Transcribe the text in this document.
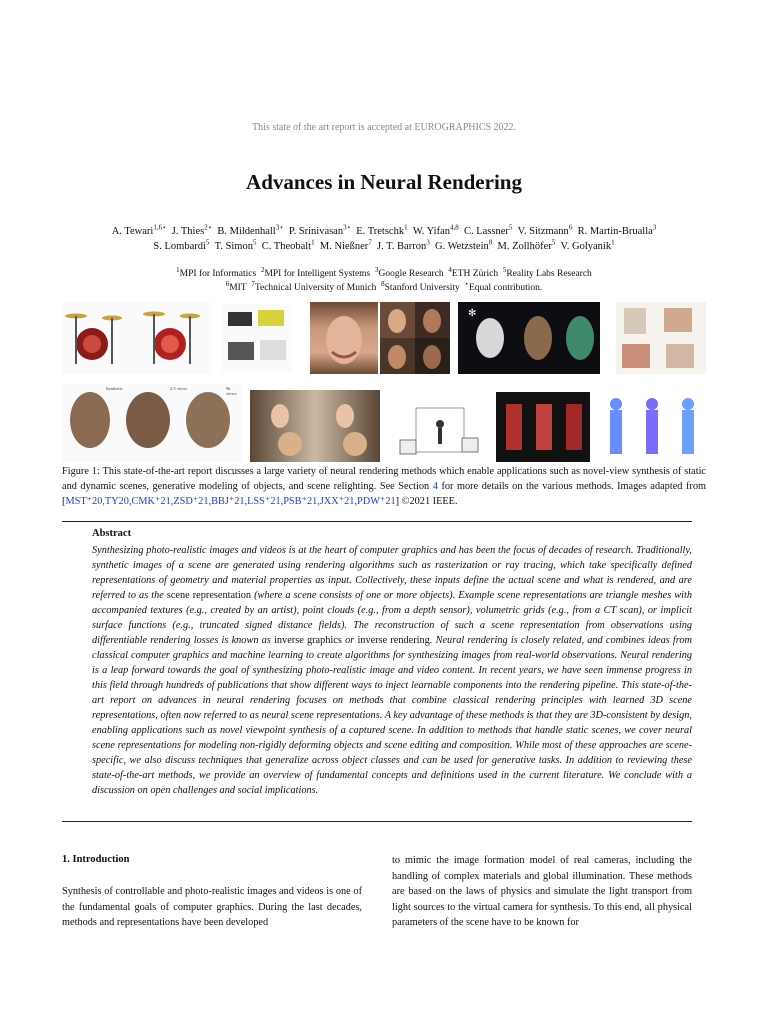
This state of the art report is accepted at EUROGRAPHICS 2022.
Advances in Neural Rendering
A. Tewari$^{1,6⋆}$  J. Thies$^{2⋆}$  B. Mildenhall$^{3⋆}$  P. Srinivasan$^{3⋆}$  E. Tretschk$^1$  W. Yifan$^{4,8}$  C. Lassner$^5$  V. Sitzmann$^6$  R. Martin-Brualla$^3$
S. Lombardi$^5$  T. Simon$^5$  C. Theobalt$^1$  M. Nießner$^7$  J. T. Barron$^3$  G. Wetzstein$^8$  M. Zollhöfer$^5$  V. Golyanik$^1$
$^1$MPI for Informatics  $^2$MPI for Intelligent Systems  $^3$Google Research  $^4$ETH Zürich  $^5$Reality Labs Research
$^6$MIT  $^7$Technical University of Munich  $^8$Stanford University  ⋆Equal contribution.
✻
Synthetic	2.5 views	9k views
Figure 1: This state-of-the-art report discusses a large variety of neural rendering methods which enable applications such as novel-view synthesis of static and dynamic scenes, generative modeling of objects, and scene relighting. See Section 4 for more details on the various methods. Images adapted from [MST⁺20,TY20,CMK⁺21,ZSD⁺21,BBJ⁺21,LSS⁺21,PSB⁺21,JXX⁺21,PDW⁺21] ©2021 IEEE.
Abstract
Synthesizing photo-realistic images and videos is at the heart of computer graphics and has been the focus of decades of research. Traditionally, synthetic images of a scene are generated using rendering algorithms such as rasterization or ray tracing, which take specifically defined representations of geometry and material properties as input. Collectively, these inputs define the actual scene and what is rendered, and are referred to as the scene representation (where a scene consists of one or more objects). Example scene representations are triangle meshes with accompanied textures (e.g., created by an artist), point clouds (e.g., from a depth sensor), volumetric grids (e.g., from a CT scan), or implicit surface functions (e.g., truncated signed distance fields). The reconstruction of such a scene representation from observations using differentiable rendering losses is known as inverse graphics or inverse rendering. Neural rendering is closely related, and combines ideas from classical computer graphics and machine learning to create algorithms for synthesizing images from real-world observations. Neural rendering is a leap forward towards the goal of synthesizing photo-realistic image and video content. In recent years, we have seen immense progress in this field through hundreds of publications that show different ways to inject learnable components into the rendering pipeline. This state-of-the-art report on advances in neural rendering focuses on methods that combine classical rendering principles with learned 3D scene representations, often now referred to as neural scene representations. A key advantage of these methods is that they are 3D-consistent by design, enabling applications such as novel viewpoint synthesis of a captured scene. In addition to methods that handle static scenes, we cover neural scene representations for modeling non-rigidly deforming objects and scene editing and composition. While most of these approaches are scene-specific, we also discuss techniques that generalize across object classes and can be used for generative tasks. In addition to reviewing these state-of-the-art methods, we provide an overview of fundamental concepts and definitions used in the current literature. We conclude with a discussion on open challenges and social implications.
1. Introduction
Synthesis of controllable and photo-realistic images and videos is one of the fundamental goals of computer graphics. During the last decades, methods and representations have been developed
to mimic the image formation model of real cameras, including the handling of complex materials and global illumination. These methods are based on the laws of physics and simulate the light transport from light sources to the virtual camera for synthesis. To this end, all physical parameters of the scene have to be known for
